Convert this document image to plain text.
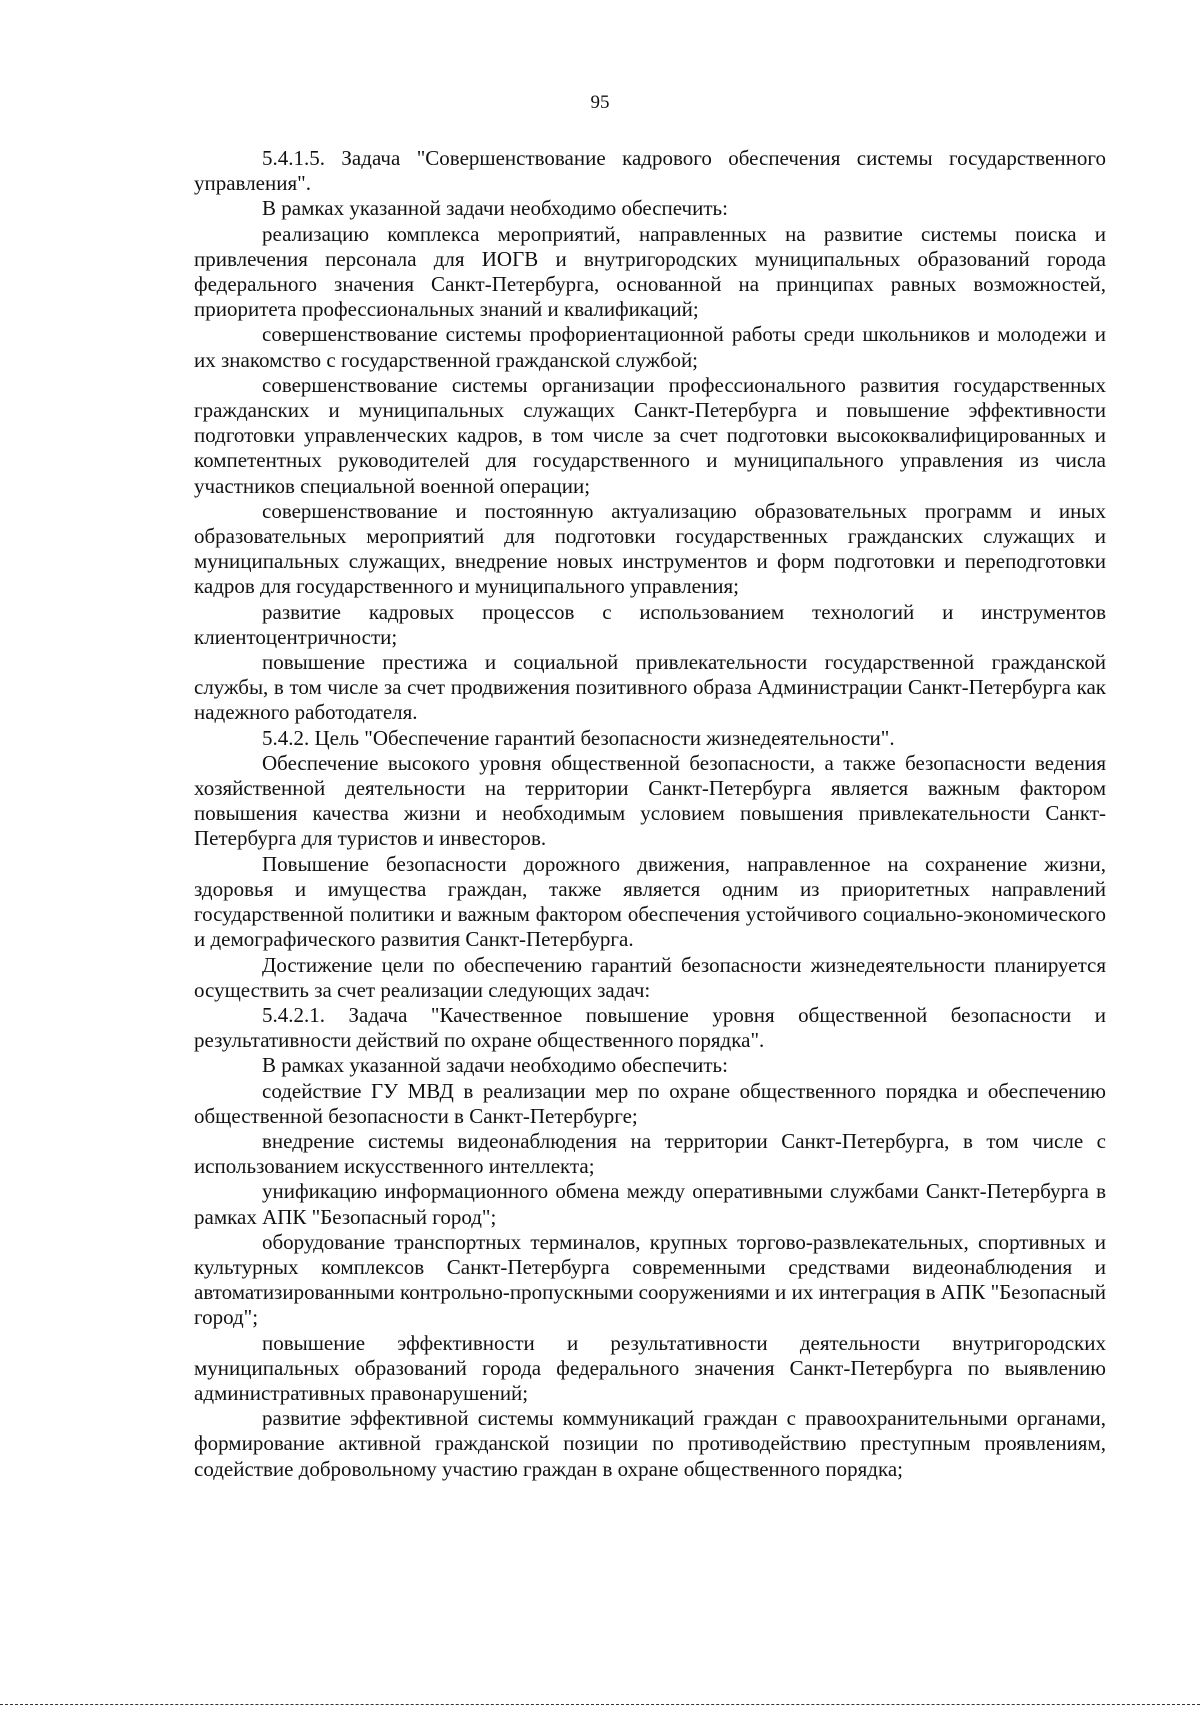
95

5.4.1.5. Задача "Совершенствование кадрового обеспечения системы государственного управления".

В рамках указанной задачи необходимо обеспечить:

реализацию комплекса мероприятий, направленных на развитие системы поиска и привлечения персонала для ИОГВ и внутригородских муниципальных образований города федерального значения Санкт-Петербурга, основанной на принципах равных возможностей, приоритета профессиональных знаний и квалификаций;

совершенствование системы профориентационной работы среди школьников и молодежи и их знакомство с государственной гражданской службой;

совершенствование системы организации профессионального развития государственных гражданских и муниципальных служащих Санкт-Петербурга и повышение эффективности подготовки управленческих кадров, в том числе за счет подготовки высококвалифицированных и компетентных руководителей для государственного и муниципального управления из числа участников специальной военной операции;

совершенствование и постоянную актуализацию образовательных программ и иных образовательных мероприятий для подготовки государственных гражданских служащих и муниципальных служащих, внедрение новых инструментов и форм подготовки и переподготовки кадров для государственного и муниципального управления;

развитие кадровых процессов с использованием технологий и инструментов клиентоцентричности;

повышение престижа и социальной привлекательности государственной гражданской службы, в том числе за счет продвижения позитивного образа Администрации Санкт-Петербурга как надежного работодателя.

5.4.2. Цель "Обеспечение гарантий безопасности жизнедеятельности".

Обеспечение высокого уровня общественной безопасности, а также безопасности ведения хозяйственной деятельности на территории Санкт-Петербурга является важным фактором повышения качества жизни и необходимым условием повышения привлекательности Санкт-Петербурга для туристов и инвесторов.

Повышение безопасности дорожного движения, направленное на сохранение жизни, здоровья и имущества граждан, также является одним из приоритетных направлений государственной политики и важным фактором обеспечения устойчивого социально-экономического и демографического развития Санкт-Петербурга.

Достижение цели по обеспечению гарантий безопасности жизнедеятельности планируется осуществить за счет реализации следующих задач:

5.4.2.1. Задача "Качественное повышение уровня общественной безопасности и результативности действий по охране общественного порядка".

В рамках указанной задачи необходимо обеспечить:

содействие ГУ МВД в реализации мер по охране общественного порядка и обеспечению общественной безопасности в Санкт-Петербурге;

внедрение системы видеонаблюдения на территории Санкт-Петербурга, в том числе с использованием искусственного интеллекта;

унификацию информационного обмена между оперативными службами Санкт-Петербурга в рамках АПК "Безопасный город";

оборудование транспортных терминалов, крупных торгово-развлекательных, спортивных и культурных комплексов Санкт-Петербурга современными средствами видеонаблюдения и автоматизированными контрольно-пропускными сооружениями и их интеграция в АПК "Безопасный город";

повышение эффективности и результативности деятельности внутригородских муниципальных образований города федерального значения Санкт-Петербурга по выявлению административных правонарушений;

развитие эффективной системы коммуникаций граждан с правоохранительными органами, формирование активной гражданской позиции по противодействию преступным проявлениям, содействие добровольному участию граждан в охране общественного порядка;
